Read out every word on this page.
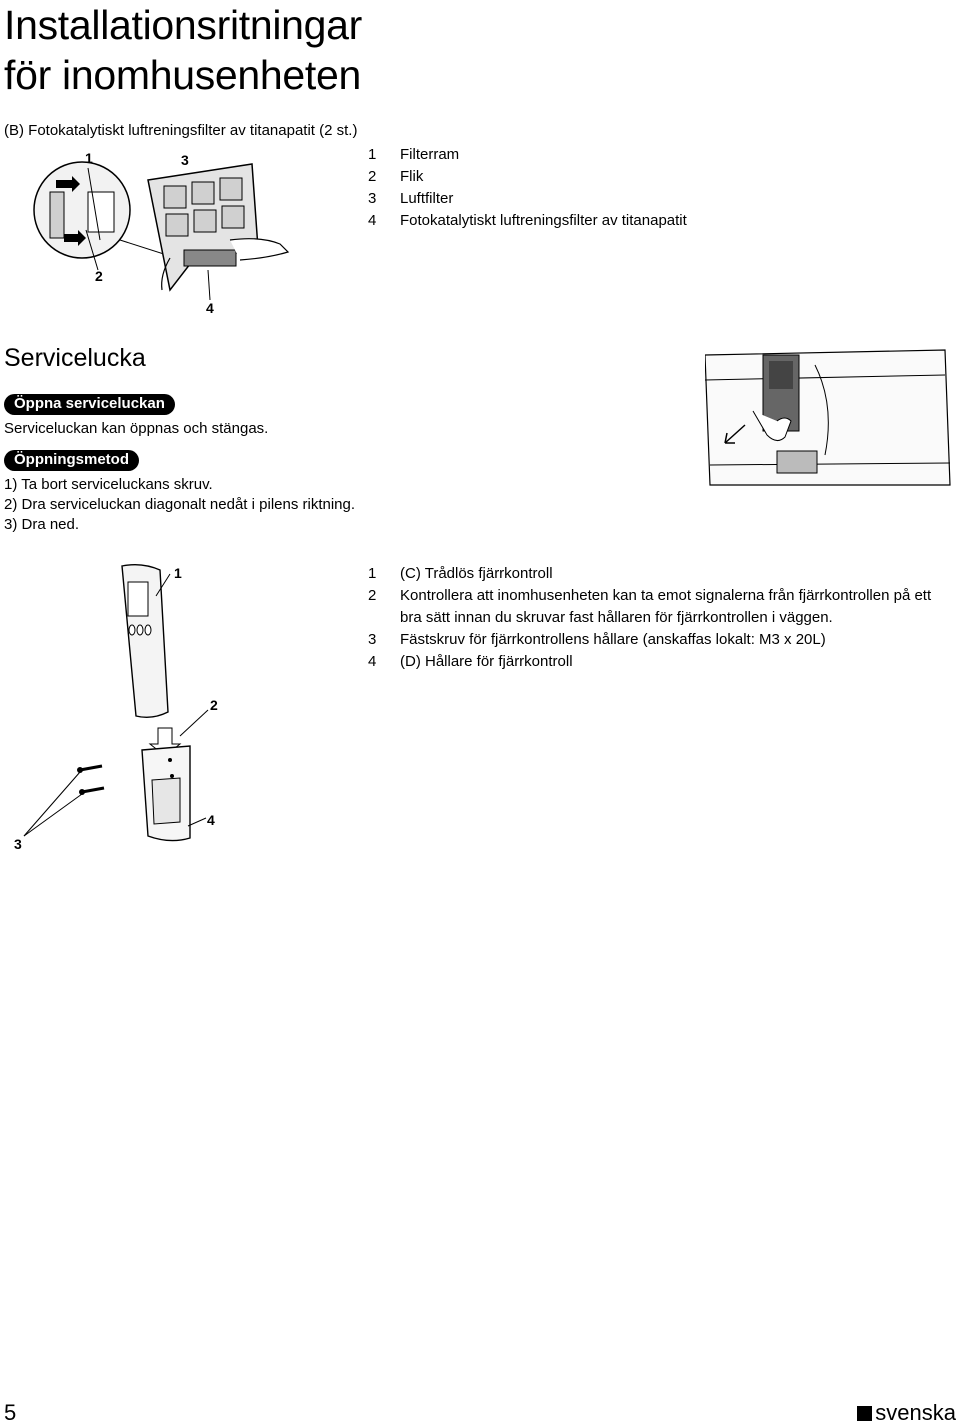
Installationsritningar
för inomhusenheten
(B) Fotokatalytiskt luftreningsfilter av titanapatit (2 st.)
1	Filterram
2	Flik
3	Luftfilter
4	Fotokatalytiskt luftreningsfilter av titanapatit
1	3
2
4
Servicelucka
Öppna serviceluckan
Serviceluckan kan öppnas och stängas.
Öppningsmetod
1) Ta bort serviceluckans skruv.
2) Dra serviceluckan diagonalt nedåt i pilens riktning.
3) Dra ned.
1	(C) Trådlös fjärrkontroll
2	Kontrollera att inomhusenheten kan ta emot signalerna från fjärrkontrollen på ett bra sätt innan du skruvar fast hållaren för fjärrkontrollen i väggen.
3	Fästskruv för fjärrkontrollens hållare (anskaffas lokalt: M3 x 20L)
4	(D) Hållare för fjärrkontroll
1
2
4
3
5	svenska
